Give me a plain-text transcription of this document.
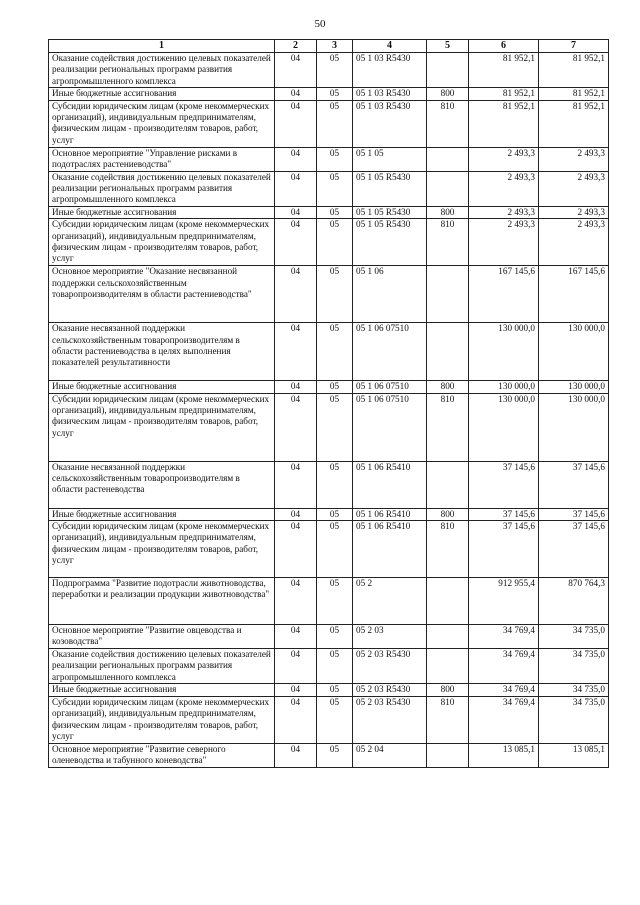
50
1	2	3	4	5	6	7
Оказание содействия достижению целевых показателей реализации региональных программ развития агропромышленного комплекса	04	05	05 1 03 R5430		81 952,1	81 952,1
Иные бюджетные ассигнования	04	05	05 1 03 R5430	800	81 952,1	81 952,1
Субсидии юридическим лицам (кроме некоммерческих организаций), индивидуальным предпринимателям, физическим лицам - производителям товаров, работ, услуг	04	05	05 1 03 R5430	810	81 952,1	81 952,1
Основное мероприятие "Управление рисками в подотраслях растениеводства"	04	05	05 1 05		2 493,3	2 493,3
Оказание содействия достижению целевых показателей реализации региональных программ развития агропромышленного комплекса	04	05	05 1 05 R5430		2 493,3	2 493,3
Иные бюджетные ассигнования	04	05	05 1 05 R5430	800	2 493,3	2 493,3
Субсидии юридическим лицам (кроме некоммерческих организаций), индивидуальным предпринимателям, физическим лицам - производителям товаров, работ, услуг	04	05	05 1 05 R5430	810	2 493,3	2 493,3
Основное мероприятие "Оказание несвязанной поддержки сельскохозяйственным товаропроизводителям в области растениеводства"	04	05	05 1 06		167 145,6	167 145,6
Оказание несвязанной поддержки сельскохозяйственным товаропроизводителям в области растениеводства в целях выполнения показателей результативности	04	05	05 1 06 07510		130 000,0	130 000,0
Иные бюджетные ассигнования	04	05	05 1 06 07510	800	130 000,0	130 000,0
Субсидии юридическим лицам (кроме некоммерческих организаций), индивидуальным предпринимателям, физическим лицам - производителям товаров, работ, услуг	04	05	05 1 06 07510	810	130 000,0	130 000,0
Оказание несвязанной поддержки сельскохозяйственным товаропроизводителям в области растеневодства	04	05	05 1 06 R5410		37 145,6	37 145,6
Иные бюджетные ассигнования	04	05	05 1 06 R5410	800	37 145,6	37 145,6
Субсидии юридическим лицам (кроме некоммерческих организаций), индивидуальным предпринимателям, физическим лицам - производителям товаров, работ, услуг	04	05	05 1 06 R5410	810	37 145,6	37 145,6
Подпрограмма "Развитие подотрасли животноводства, переработки и реализации продукции животноводства"	04	05	05 2		912 955,4	870 764,3
Основное мероприятие "Развитие овцеводства и козоводства"	04	05	05 2 03		34 769,4	34 735,0
Оказание содействия достижению целевых показателей реализации региональных программ развития агропромышленного комплекса	04	05	05 2 03 R5430		34 769,4	34 735,0
Иные бюджетные ассигнования	04	05	05 2 03 R5430	800	34 769,4	34 735,0
Субсидии юридическим лицам (кроме некоммерческих организаций), индивидуальным предпринимателям, физическим лицам - производителям товаров, работ, услуг	04	05	05 2 03 R5430	810	34 769,4	34 735,0
Основное мероприятие "Развитие северного оленеводства и табунного коневодства"	04	05	05 2 04		13 085,1	13 085,1
